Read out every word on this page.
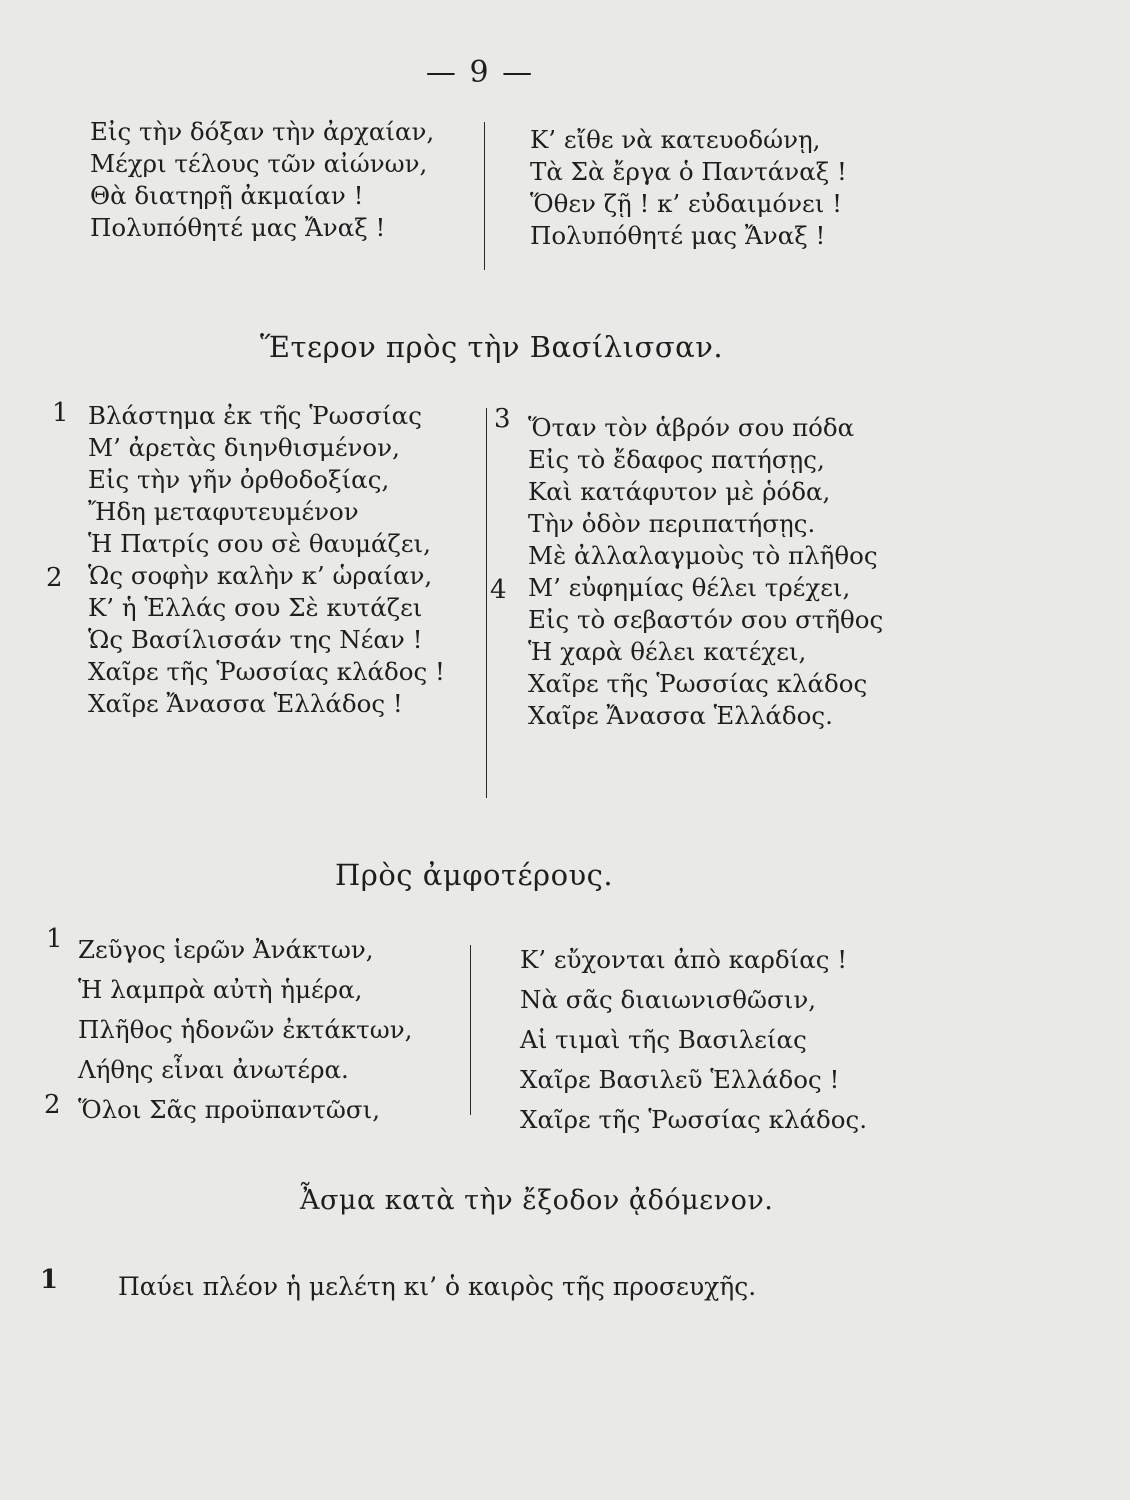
— 9 —
Εἰς τὴν δόξαν τὴν ἀρχαίαν,
Μέχρι τέλους τῶν αἰώνων,
Θὰ διατηρῇ ἀκμαίαν !
Πολυπόθητέ μας Ἄναξ !
Κ’ εἴθε νὰ κατευοδώνῃ,
Τὰ Σὰ ἔργα ὁ Παντάναξ !
Ὅθεν ζῇ ! κ’ εὐδαιμόνει !
Πολυπόθητέ μας Ἄναξ !
Ἕτερον πρὸς τὴν Βασίλισσαν.
1
2
Βλάστημα ἐκ τῆς Ῥωσσίας
Μ’ ἀρετὰς διηνθισμένον,
Εἰς τὴν γῆν ὀρθοδοξίας,
Ἤδη μεταφυτευμένον
Ἡ Πατρίς σου σὲ θαυμάζει,
Ὡς σοφὴν καλὴν κ’ ὡραίαν,
Κ’ ἡ Ἑλλάς σου Σὲ κυτάζει
Ὡς Βασίλισσάν της Νέαν !
Χαῖρε τῆς Ῥωσσίας κλάδος !
Χαῖρε Ἄνασσα Ἑλλάδος !
3
4
Ὅταν τὸν ἁβρόν σου πόδα
Εἰς τὸ ἔδαφος πατήσῃς,
Καὶ κατάφυτον μὲ ῥόδα,
Τὴν ὁδὸν περιπατήσῃς.
Μὲ ἀλλαλαγμοὺς τὸ πλῆθος
Μ’ εὐφημίας θέλει τρέχει,
Εἰς τὸ σεβαστόν σου στῆθος
Ἡ χαρὰ θέλει κατέχει,
Χαῖρε τῆς Ῥωσσίας κλάδος
Χαῖρε Ἄνασσα Ἑλλάδος.
Πρὸς ἀμφοτέρους.
1
2
Ζεῦγος ἱερῶν Ἀνάκτων,
Ἡ λαμπρὰ αὐτὴ ἡμέρα,
Πλῆθος ἡδονῶν ἐκτάκτων,
Λήθης εἶναι ἀνωτέρα.
Ὅλοι Σᾶς προϋπαντῶσι,
Κ’ εὔχονται ἀπὸ καρδίας !
Νὰ σᾶς διαιωνισθῶσιν,
Αἱ τιμαὶ τῆς Βασιλείας
Χαῖρε Βασιλεῦ Ἑλλάδος !
Χαῖρε τῆς Ῥωσσίας κλάδος.
Ἆσμα κατὰ τὴν ἔξοδον ᾀδόμενον.
1 Παύει πλέον ἡ μελέτη κι’ ὁ καιρὸς τῆς προσευχῆς.
